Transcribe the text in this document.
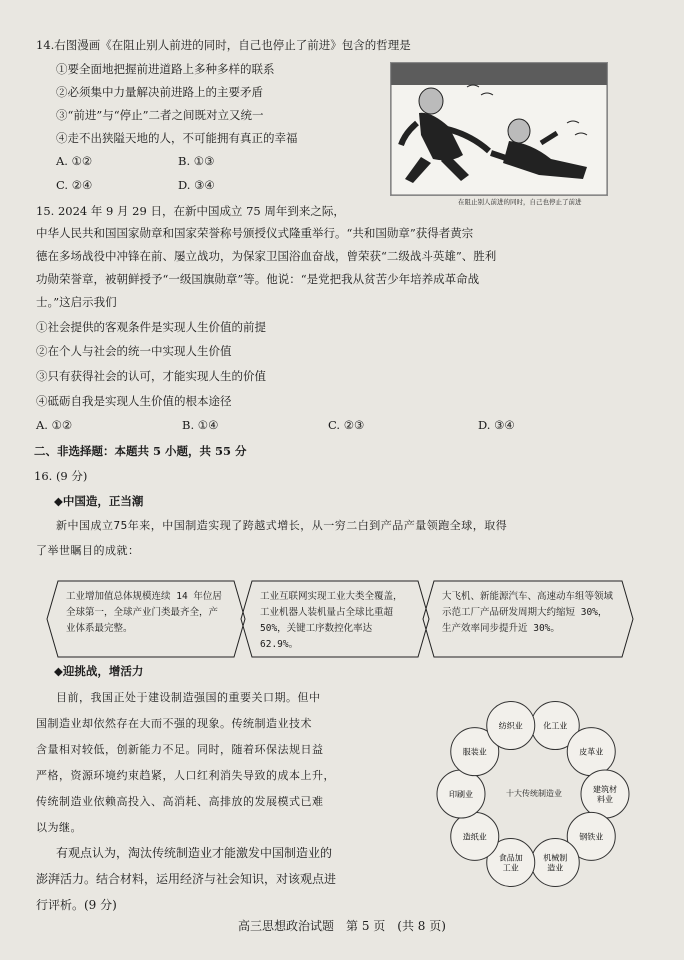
14.右图漫画《在阻止别人前进的同时，自己也停止了前进》包含的哲理是
①要全面地把握前进道路上多种多样的联系
②必须集中力量解决前进路上的主要矛盾
③“前进”与“停止”二者之间既对立又统一
④走不出狭隘天地的人，不可能拥有真正的幸福
A. ①②	B. ①③
C. ②④	D. ③④
在阻止别人前进的同时，自己也停止了前进
15. 2024 年 9 月 29 日，在新中国成立 75 周年到来之际，
中华人民共和国国家勋章和国家荣誉称号颁授仪式隆重举行。“共和国勋章”获得者黄宗
德在多场战役中冲锋在前、屡立战功，为保家卫国浴血奋战，曾荣获“二级战斗英雄”、胜利
功勋荣誉章，被朝鲜授予“一级国旗勋章”等。他说：“是党把我从贫苦少年培养成革命战
士。”这启示我们
①社会提供的客观条件是实现人生价值的前提
②在个人与社会的统一中实现人生价值
③只有获得社会的认可，才能实现人生的价值
④砥砺自我是实现人生价值的根本途径
A. ①②	B. ①④	C. ②③	D. ③④
二、非选择题：本题共 5 小题，共 55 分
16. (9 分)
◆中国造，正当潮
新中国成立75年来，中国制造实现了跨越式增长，从一穷二白到产品产量领跑全球，取得
了举世瞩目的成就：
工业增加值总体规模连续 14 年位居全球第一，全球产业门类最齐全，产业体系最完整。
工业互联网实现工业大类全覆盖，工业机器人装机量占全球比重超 50%，关键工序数控化率达 62.9%。
大飞机、新能源汽车、高速动车组等领域示范工厂产品研发周期大约缩短 30%，生产效率同步提升近 30%。
◆迎挑战，增活力
目前，我国正处于建设制造强国的重要关口期。但中
国制造业却依然存在大而不强的现象。传统制造业技术
含量相对较低，创新能力不足。同时，随着环保法规日益
严格，资源环境约束趋紧，人口红利消失导致的成本上升，
传统制造业依赖高投入、高消耗、高排放的发展模式已难
以为继。
有观点认为，淘汰传统制造业才能激发中国制造业的
澎湃活力。结合材料，运用经济与社会知识，对该观点进
行评析。(9 分)
化工业
皮革业
建筑材
料业
钢铁业
机械制
造业
食品加
工业
造纸业
印刷业
服装业
纺织业
十大传统制造业
高三思想政治试题　第 5 页　(共 8 页)
